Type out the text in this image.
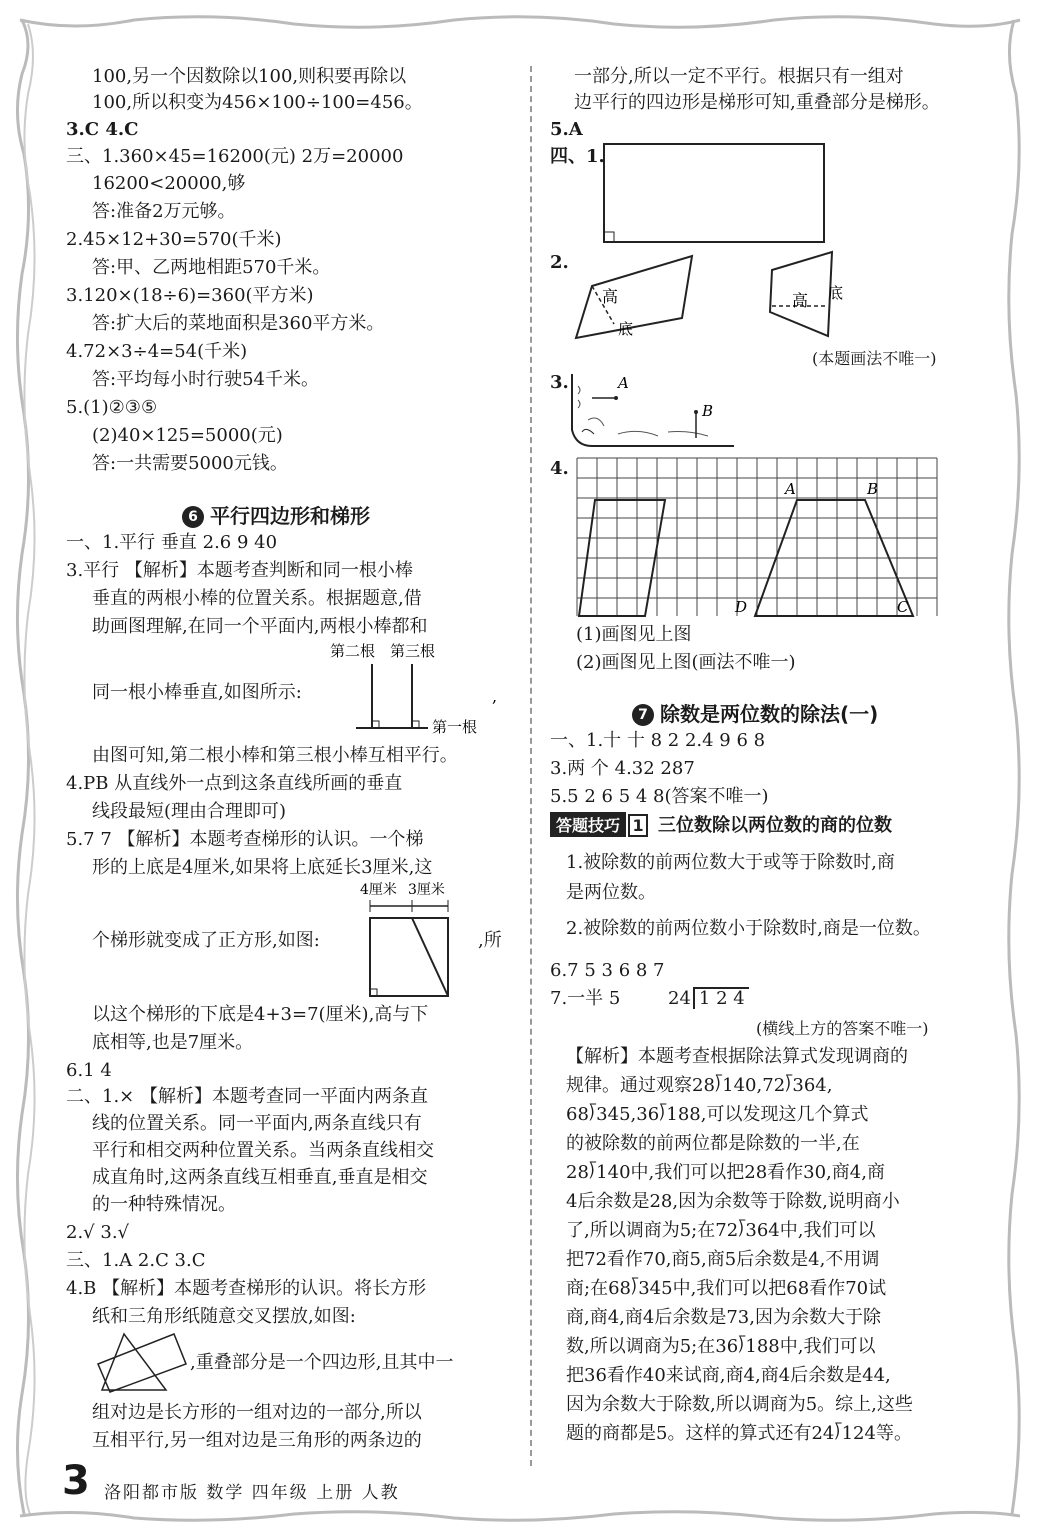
100,另一个因数除以100,则积要再除以
100,所以积变为456×100÷100=456。
3.C 4.C
三、1.360×45=16200(元) 2万=20000
16200<20000,够
答:准备2万元够。
2.45×12+30=570(千米)
答:甲、乙两地相距570千米。
3.120×(18÷6)=360(平方米)
答:扩大后的菜地面积是360平方米。
4.72×3÷4=54(千米)
答:平均每小时行驶54千米。
5.(1)②③⑤
(2)40×125=5000(元)
答:一共需要5000元钱。
6 平行四边形和梯形
一、1.平行 垂直 2.6 9 40
3.平行 【解析】本题考查判断和同一根小棒
垂直的两根小棒的位置关系。根据题意,借
助画图理解,在同一个平面内,两根小棒都和
第二根 第三根
第一根
,
同一根小棒垂直,如图所示:
由图可知,第二根小棒和第三根小棒互相平行。
4.PB 从直线外一点到这条直线所画的垂直
线段最短(理由合理即可)
5.7 7 【解析】本题考查梯形的认识。一个梯
形的上底是4厘米,如果将上底延长3厘米,这
4厘米 3厘米
个梯形就变成了正方形,如图:	,所
以这个梯形的下底是4+3=7(厘米),高与下
底相等,也是7厘米。
6.1 4
二、1.× 【解析】本题考查同一平面内两条直
线的位置关系。同一平面内,两条直线只有
平行和相交两种位置关系。当两条直线相交
成直角时,这两条直线互相垂直,垂直是相交
的一种特殊情况。
2.√ 3.√
三、1.A 2.C 3.C
4.B 【解析】本题考查梯形的认识。将长方形
纸和三角形纸随意交叉摆放,如图:
,重叠部分是一个四边形,且其中一
组对边是长方形的一组对边的一部分,所以
互相平行,另一组对边是三角形的两条边的
一部分,所以一定不平行。根据只有一组对
边平行的四边形是梯形可知,重叠部分是梯形。
5.A
四、1.
2.
高
底
高 底
(本题画法不唯一)
3.	A
B
4.
A	B
C
D
(1)画图见上图
(2)画图见上图(画法不唯一)
7 除数是两位数的除法(一)
一、1.十 十 8 2 2.4 9 6 8
3.两 个 4.32 287
5.5 2 6 5 4 8(答案不唯一)
答题技巧 1 三位数除以两位数的商的位数
1.被除数的前两位数大于或等于除数时,商
是两位数。
2.被除数的前两位数小于除数时,商是一位数。
6.7 5 3 6 8 7
7.一半 5	24 1 2 4
(横线上方的答案不唯一)
【解析】本题考查根据除法算式发现调商的
规律。通过观察28⟌140,72⟌364,
68⟌345,36⟌188,可以发现这几个算式
的被除数的前两位都是除数的一半,在
28⟌140中,我们可以把28看作30,商4,商
4后余数是28,因为余数等于除数,说明商小
了,所以调商为5;在72⟌364中,我们可以
把72看作70,商5,商5后余数是4,不用调
商;在68⟌345中,我们可以把68看作70试
商,商4,商4后余数是73,因为余数大于除
数,所以调商为5;在36⟌188中,我们可以
把36看作40来试商,商4,商4后余数是44,
因为余数大于除数,所以调商为5。综上,这些
题的商都是5。这样的算式还有24⟌124等。
3 洛阳都市版 数学 四年级 上册 人教
